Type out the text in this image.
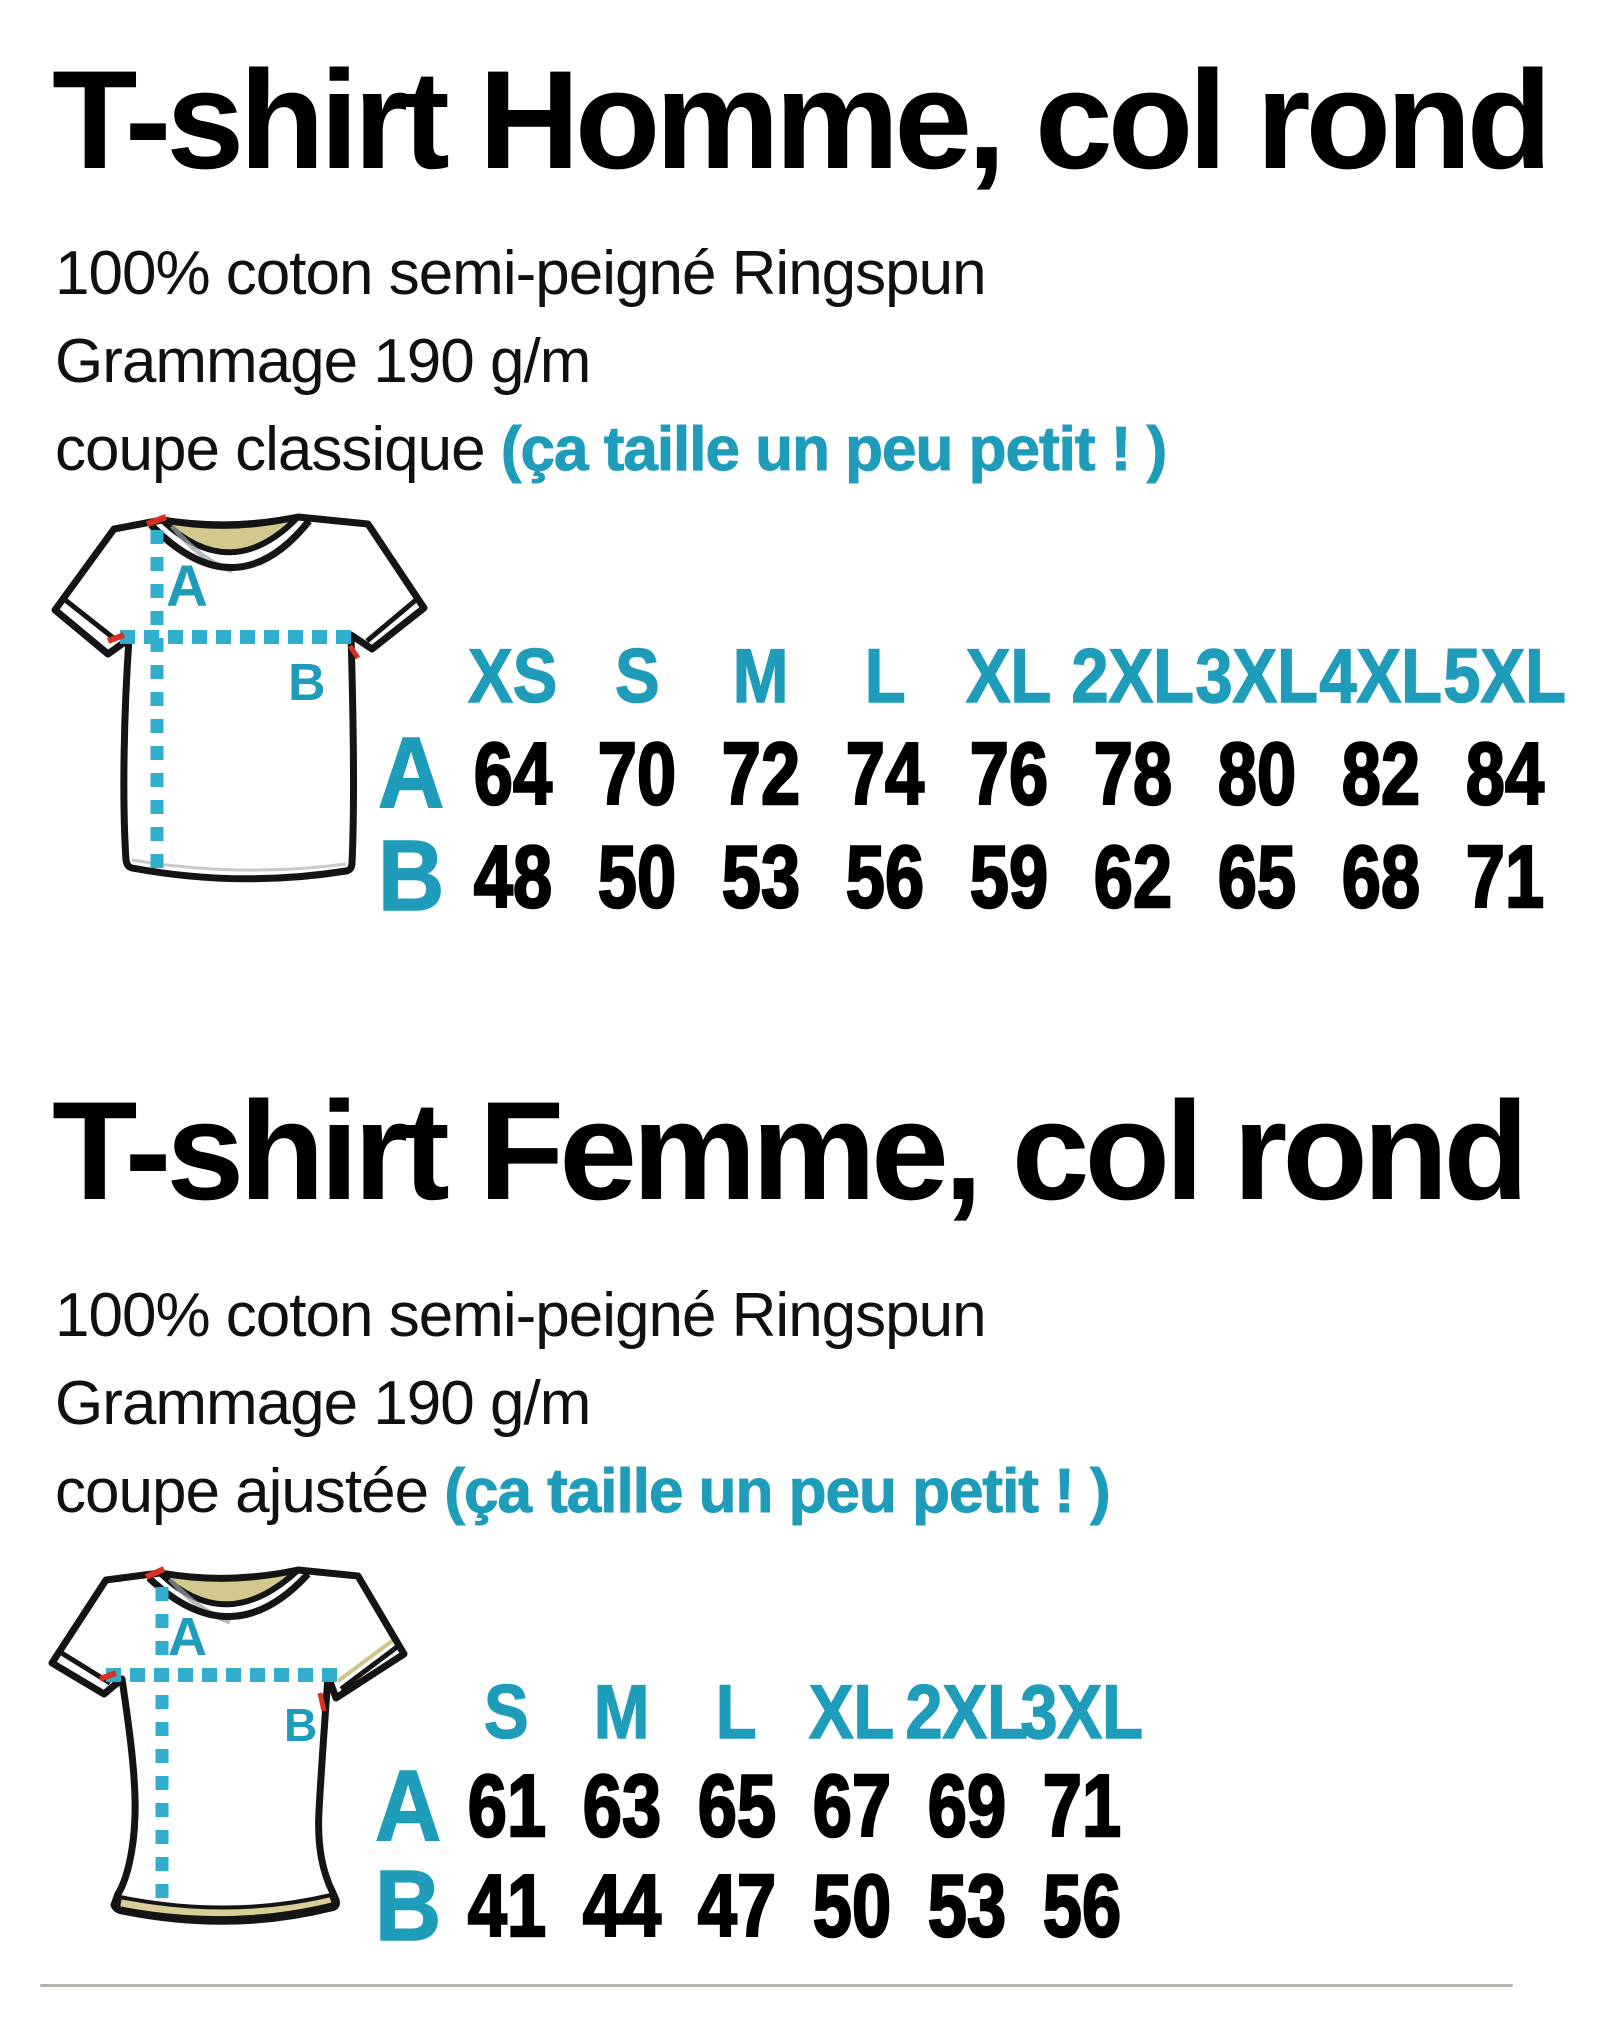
T-shirt Homme, col rond

100% coton semi-peigné Ringspun
Grammage 190 g/m
coupe classique (ça taille un peu petit ! )

A
B XS S M L XL 2XL 3XL 4XL 5XL
A 64 70 72 74 76 78 80 82 84
B 48 50 53 56 59 62 65 68 71
T-shirt Femme, col rond

100% coton semi-peigné Ringspun
Grammage 190 g/m
coupe ajustée (ça taille un peu petit ! )

A
B S M L XL 2XL
3XL
A 61 63 65 67 69 71
B 41 44 47 50 53 56
